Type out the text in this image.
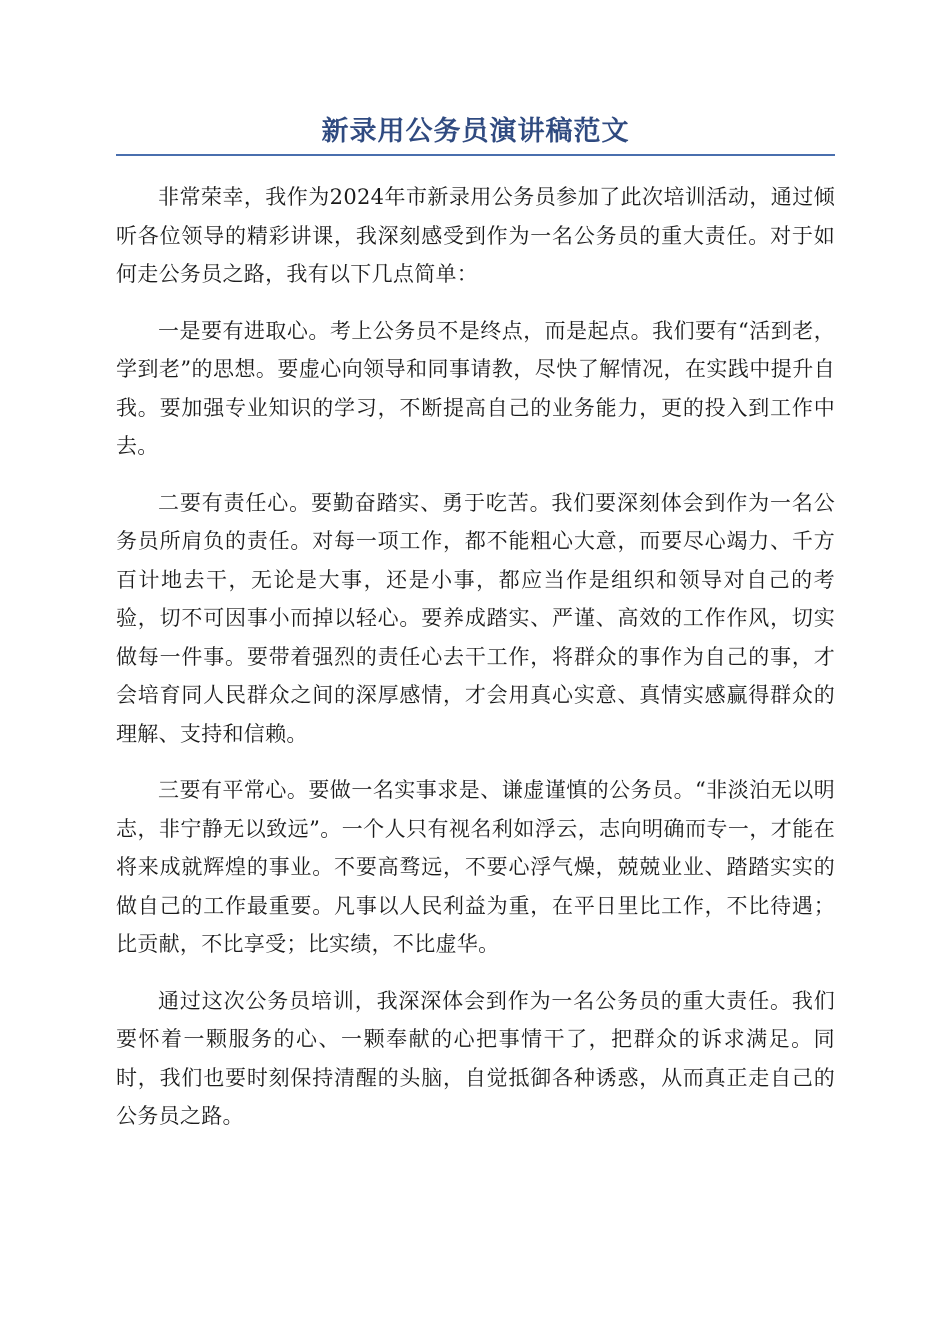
新录用公务员演讲稿范文

非常荣幸，我作为2024年市新录用公务员参加了此次培训活动，通过倾听各位领导的精彩讲课，我深刻感受到作为一名公务员的重大责任。对于如何走公务员之路，我有以下几点简单：

一是要有进取心。考上公务员不是终点，而是起点。我们要有“活到老，学到老”的思想。要虚心向领导和同事请教，尽快了解情况，在实践中提升自我。要加强专业知识的学习，不断提高自己的业务能力，更的投入到工作中去。

二要有责任心。要勤奋踏实、勇于吃苦。我们要深刻体会到作为一名公务员所肩负的责任。对每一项工作，都不能粗心大意，而要尽心竭力、千方百计地去干，无论是大事，还是小事，都应当作是组织和领导对自己的考验，切不可因事小而掉以轻心。要养成踏实、严谨、高效的工作作风，切实做每一件事。要带着强烈的责任心去干工作，将群众的事作为自己的事，才会培育同人民群众之间的深厚感情，才会用真心实意、真情实感赢得群众的理解、支持和信赖。

三要有平常心。要做一名实事求是、谦虚谨慎的公务员。“非淡泊无以明志，非宁静无以致远”。一个人只有视名利如浮云，志向明确而专一，才能在将来成就辉煌的事业。不要高骛远，不要心浮气燥，兢兢业业、踏踏实实的做自己的工作最重要。凡事以人民利益为重，在平日里比工作，不比待遇；比贡献，不比享受；比实绩，不比虚华。

通过这次公务员培训，我深深体会到作为一名公务员的重大责任。我们要怀着一颗服务的心、一颗奉献的心把事情干了，把群众的诉求满足。同时，我们也要时刻保持清醒的头脑，自觉抵御各种诱惑，从而真正走自己的公务员之路。
